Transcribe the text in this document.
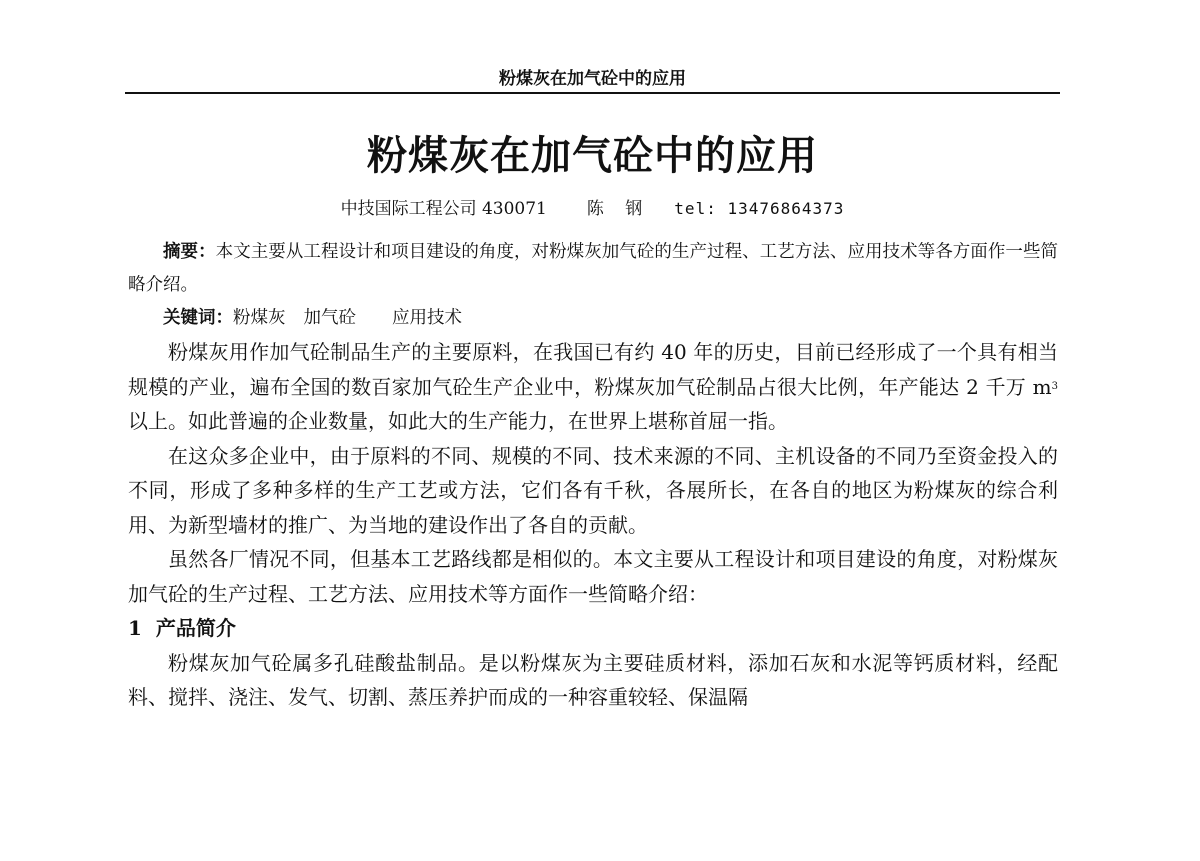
粉煤灰在加气砼中的应用
粉煤灰在加气砼中的应用
中技国际工程公司 430071 陈 钢 tel: 13476864373

摘要：本文主要从工程设计和项目建设的角度，对粉煤灰加气砼的生产过程、工艺方法、应用技术等各方面作一些简略介绍。

关键词：粉煤灰 加气砼 应用技术

粉煤灰用作加气砼制品生产的主要原料，在我国已有约 40 年的历史，目前已经形成了一个具有相当规模的产业，遍布全国的数百家加气砼生产企业中，粉煤灰加气砼制品占很大比例，年产能达 2 千万 $m^3$以上。如此普遍的企业数量，如此大的生产能力，在世界上堪称首屈一指。

在这众多企业中，由于原料的不同、规模的不同、技术来源的不同、主机设备的不同乃至资金投入的不同，形成了多种多样的生产工艺或方法，它们各有千秋，各展所长，在各自的地区为粉煤灰的综合利用、为新型墙材的推广、为当地的建设作出了各自的贡献。

虽然各厂情况不同，但基本工艺路线都是相似的。本文主要从工程设计和项目建设的角度，对粉煤灰加气砼的生产过程、工艺方法、应用技术等方面作一些简略介绍：

1 产品简介

粉煤灰加气砼属多孔硅酸盐制品。是以粉煤灰为主要硅质材料，添加石灰和水泥等钙质材料，经配料、搅拌、浇注、发气、切割、蒸压养护而成的一种容重较轻、保温隔
